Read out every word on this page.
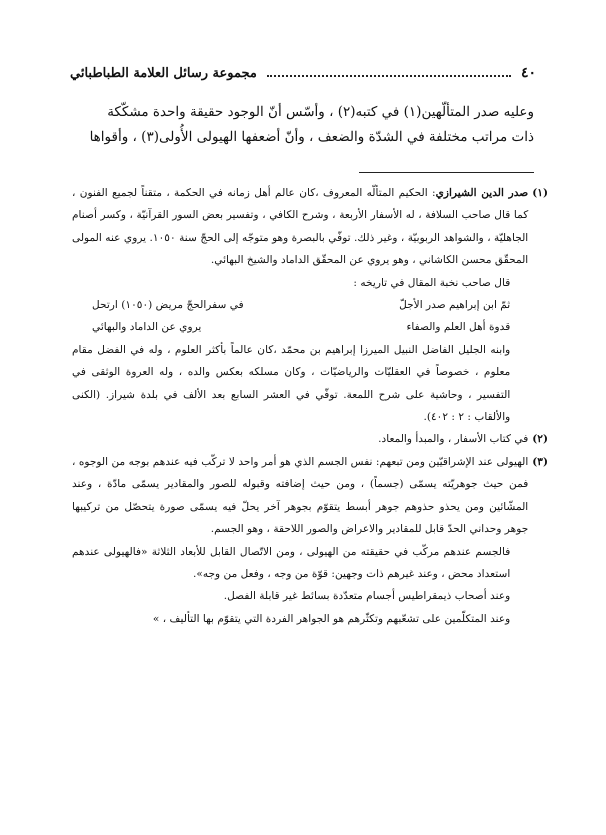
٤٠
مجموعة رسائل العلامة الطباطبائي

وعليه صدر المتألّهين(١) في كتبه(٢) ، وأسّس أنّ الوجود حقيقة واحدة مشكّكة

ذات مراتب مختلفة في الشدّة والضعف ، وأنّ أضعفها الهيولى الأُولى(٣) ، وأقواها

(١)

صدر الدين الشيرازي: الحكيم المتألّه المعروف ،كان عالم أهل زمانه في الحكمة ، متقناً لجميع الفنون ، كما قال صاحب السلافة ، له الأسفار الأربعة ، وشرح الكافي ، وتفسير بعض السور القرآنيّة ، وكسر أصنام الجاهليّة ، والشواهد الربوبيّة ، وغير ذلك. توفّي بالبصرة وهو متوجّه إلى الحجّ سنة ١٠٥٠. يروي عنه المولى المحقّق محسن الكاشاني ، وهو يروي عن المحقّق الداماد والشيخ البهائي.

قال صاحب نخبة المقال في تاريخه :

ثمّ ابن إبراهيم صدر الأجلّ
في سفرالحجّ مريض (١٠٥٠) ارتحل
قدوة أهل العلم والصفاء
يروي عن الداماد والبهائي

وابنه الجليل الفاضل النبيل الميرزا إبراهيم بن محمّد ،كان عالماً بأكثر العلوم ، وله في الفضل مقام معلوم ، خصوصاً في العقليّات والرياضيّات ، وكان مسلكه بعكس والده ، وله العروة الوثقى في التفسير ، وحاشية على شرح اللمعة. توفّي في العشر السابع بعد الألف في بلدة شيراز. (الكنى والألقاب : ٢ : ٤٠٢).

(٢)

في كتاب الأسفار ، والمبدأ والمعاد.

(٣)

الهيولى عند الإشراقيّين ومن تبعهم: نفس الجسم الذي هو أمر واحد لا تركّب فيه عندهم بوجه من الوجوه ، فمن حيث جوهريّته يسمّى (جسماً) ، ومن حيث إضافته وقبوله للصور والمقادير يسمّى مادّة ، وعند المشّائين ومن يحذو حذوهم جوهر أبسط يتقوّم بجوهر آخر يحلّ فيه يسمّى صورة يتحصّل من تركيبها جوهر وحداني الحدّ قابل للمقادير والاعراض والصور اللاحقة ، وهو الجسم.

فالجسم عندهم مركّب في حقيقته من الهيولى ، ومن الاتّصال القابل للأبعاد الثلاثة «فالهيولى عندهم استعداد محض ، وعند غيرهم ذات وجهين: قوّة من وجه ، وفعل من وجه».

وعند أصحاب ذيمقراطيس أجسام متعدّدة بسائط غير قابلة الفصل.

وعند المتكلّمين على تشعّبهم وتكثّرهم هو الجواهر الفردة التي يتقوّم بها التأليف ، »
